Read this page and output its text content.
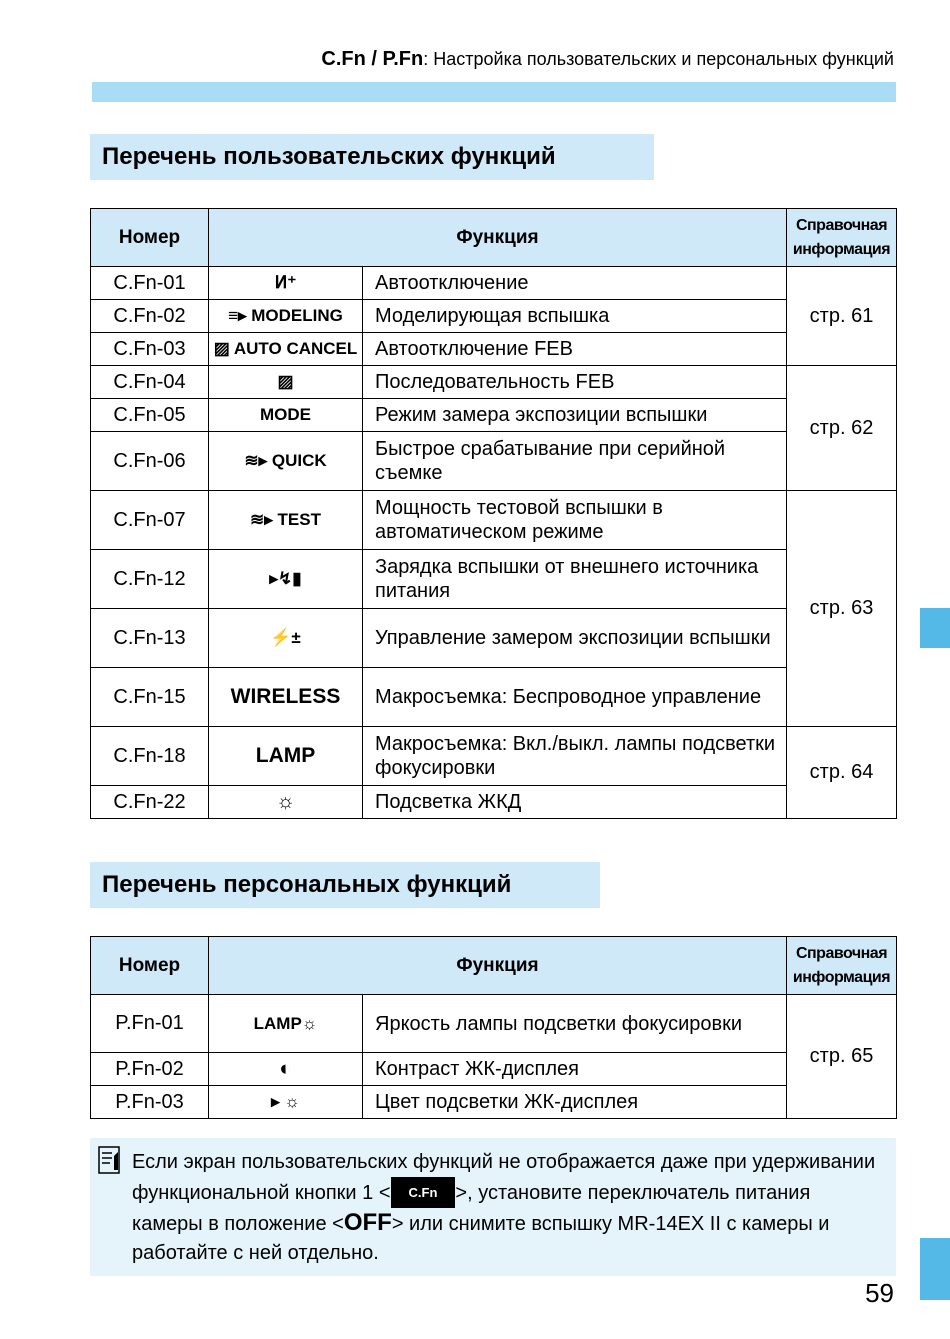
C.Fn / P.Fn: Настройка пользовательских и персональных функций
Перечень пользовательских функций
Номер	Функция		Справочная
информация

C.Fn-01	ⵍ⁺	Автоотключение	стр. 61
C.Fn-02	≡▸ MODELING	Моделирующая вспышка	
C.Fn-03	▨ AUTO CANCEL	Автоотключение FEB	
C.Fn-04	▨	Последовательность FEB	стр. 62
C.Fn-05	MODE	Режим замера экспозиции вспышки	
C.Fn-06	≋▸ QUICK	Быстрое срабатывание при серийной съемке	
C.Fn-07	≋▸ TEST	Мощность тестовой вспышки в автоматическом режиме	стр. 63
C.Fn-12	▸↯▮	Зарядка вспышки от внешнего источника питания	
C.Fn-13	⚡±	Управление замером экспозиции вспышки	
C.Fn-15	WIRELESS	Макросъемка: Беспроводное управление	
C.Fn-18	LAMP	Макросъемка: Вкл./выкл. лампы подсветки фокусировки	стр. 64
C.Fn-22	☼	Подсветка ЖКД	
Перечень персональных функций
Номер	Функция		Справочная
информация

P.Fn-01	LAMP☼	Яркость лампы подсветки фокусировки	стр. 65
P.Fn-02	◐	Контраст ЖК-дисплея	
P.Fn-03	▸ ☼	Цвет подсветки ЖК-дисплея	
Если экран пользовательских функций не отображается даже при удерживании функциональной кнопки 1 < C.Fn >, установите переключатель питания камеры в положение <OFF> или снимите вспышку MR-14EX II с камеры и работайте с ней отдельно.
59
